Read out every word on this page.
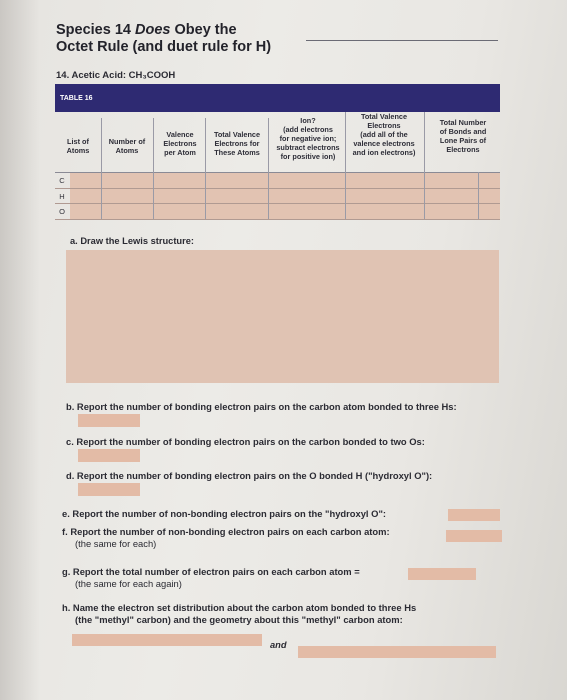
Species 14 Does Obey the
Octet Rule (and duet rule for H)
14. Acetic Acid: CH₃COOH
TABLE 16
List of
Atoms
Number of
Atoms
Valence
Electrons
per Atom
Total Valence
Electrons for
These Atoms
Ion?
(add electrons
for negative ion;
subtract electrons
for positive ion)
Total Valence
Electrons
(add all of the
valence electrons
and ion electrons)
Total Number
of Bonds and
Lone Pairs of
Electrons
C
H
O
a. Draw the Lewis structure:
b. Report the number of bonding electron pairs on the carbon atom bonded to three Hs:
c. Report the number of bonding electron pairs on the carbon bonded to two Os:
d. Report the number of bonding electron pairs on the O bonded H ("hydroxyl O"):
e. Report the number of non-bonding electron pairs on the "hydroxyl O":
f. Report the number of non-bonding electron pairs on each carbon atom:
(the same for each)
g. Report the total number of electron pairs on each carbon atom =
(the same for each again)
h. Name the electron set distribution about the carbon atom bonded to three Hs
(the "methyl" carbon) and the geometry about this "methyl" carbon atom:
and
